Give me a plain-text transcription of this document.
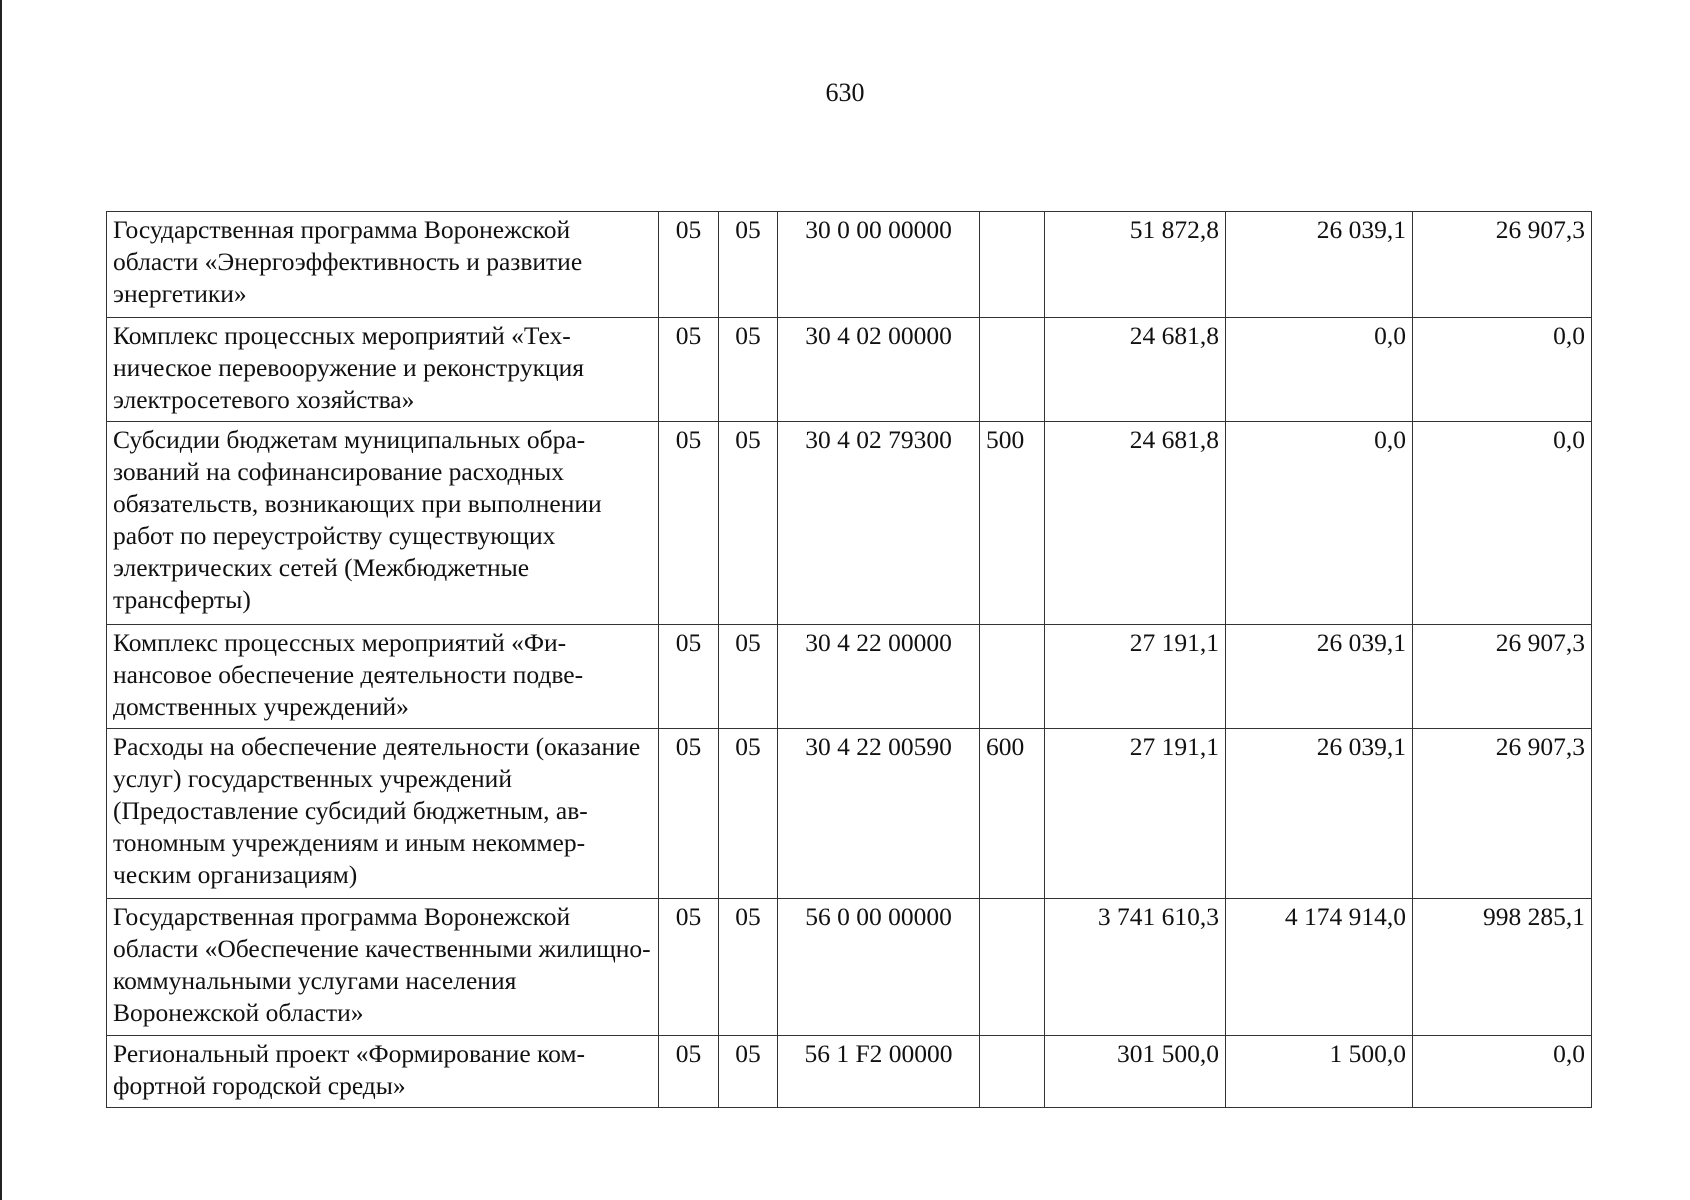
630
Государственная программа Воронежской области «Энергоэффективность и развитие энергетики»	05	05	30 0 00 00000		51 872,8	26 039,1	26 907,3
Комплекс процессных мероприятий «Техническое перевооружение и реконструкция электросетевого хозяйства»	05	05	30 4 02 00000		24 681,8	0,0	0,0
Субсидии бюджетам муниципальных образований на софинансирование расходных обязательств, возникающих при выполнении работ по переустройству существующих электрических сетей (Межбюджетные трансферты)	05	05	30 4 02 79300	500	24 681,8	0,0	0,0
Комплекс процессных мероприятий «Финансовое обеспечение деятельности подведомственных учреждений»	05	05	30 4 22 00000		27 191,1	26 039,1	26 907,3
Расходы на обеспечение деятельности (оказание услуг) государственных учреждений (Предоставление субсидий бюджетным, автономным учреждениям и иным некоммерческим организациям)	05	05	30 4 22 00590	600	27 191,1	26 039,1	26 907,3
Государственная программа Воронежской области «Обеспечение качественными жилищно-коммунальными услугами населения Воронежской области»	05	05	56 0 00 00000		3 741 610,3	4 174 914,0	998 285,1
Региональный проект «Формирование комфортной городской среды»	05	05	56 1 F2 00000		301 500,0	1 500,0	0,0
